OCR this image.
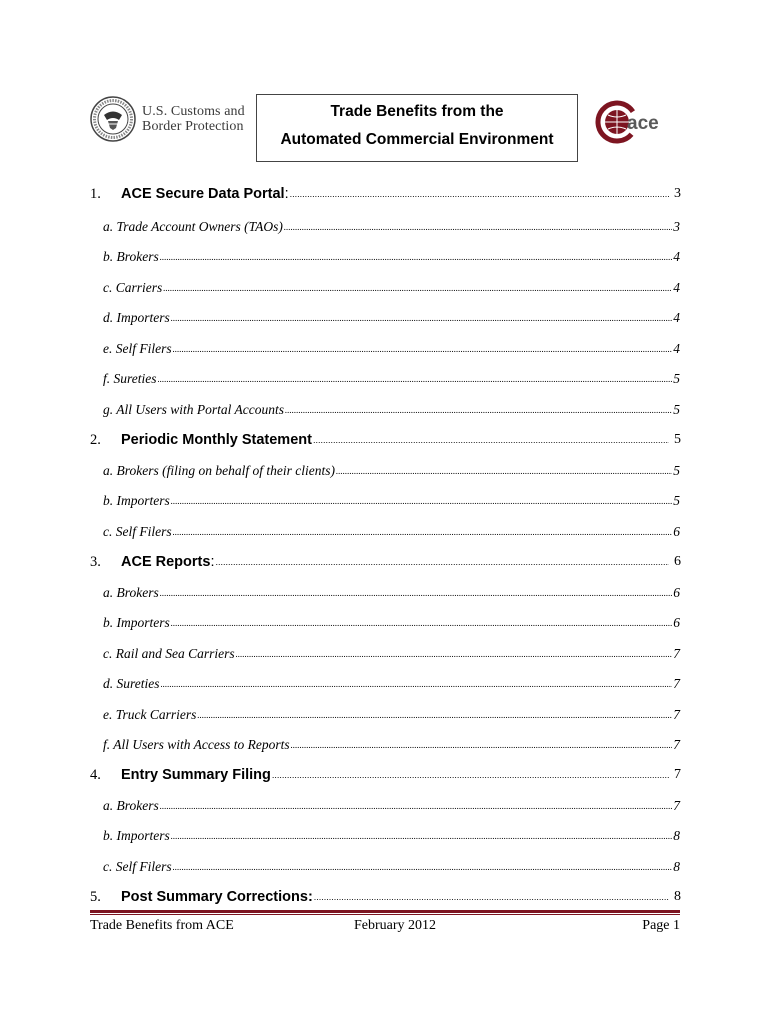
U.S. Customs and
Border Protection
Trade Benefits from the
Automated Commercial Environment
ace
1. ACE Secure Data Portal : .....	3
a. Trade Account Owners (TAOs) .....	3
b. Brokers .....	4
c. Carriers .....	4
d. Importers .....	4
e. Self Filers .....	4
f. Sureties .....	5
g. All Users with Portal Accounts .....	5
2. Periodic Monthly Statement .....	5
a. Brokers (filing on behalf of their clients) .....	5
b. Importers .....	5
c. Self Filers .....	6
3. ACE Reports : .....	6
a. Brokers .....	6
b. Importers .....	6
c. Rail and Sea Carriers .....	7
d. Sureties .....	7
e. Truck Carriers .....	7
f. All Users with Access to Reports .....	7
4. Entry Summary Filing .....	7
a. Brokers .....	7
b. Importers .....	8
c. Self Filers .....	8
5. Post Summary Corrections: .....	8
Trade Benefits from ACE	February 2012	Page 1
